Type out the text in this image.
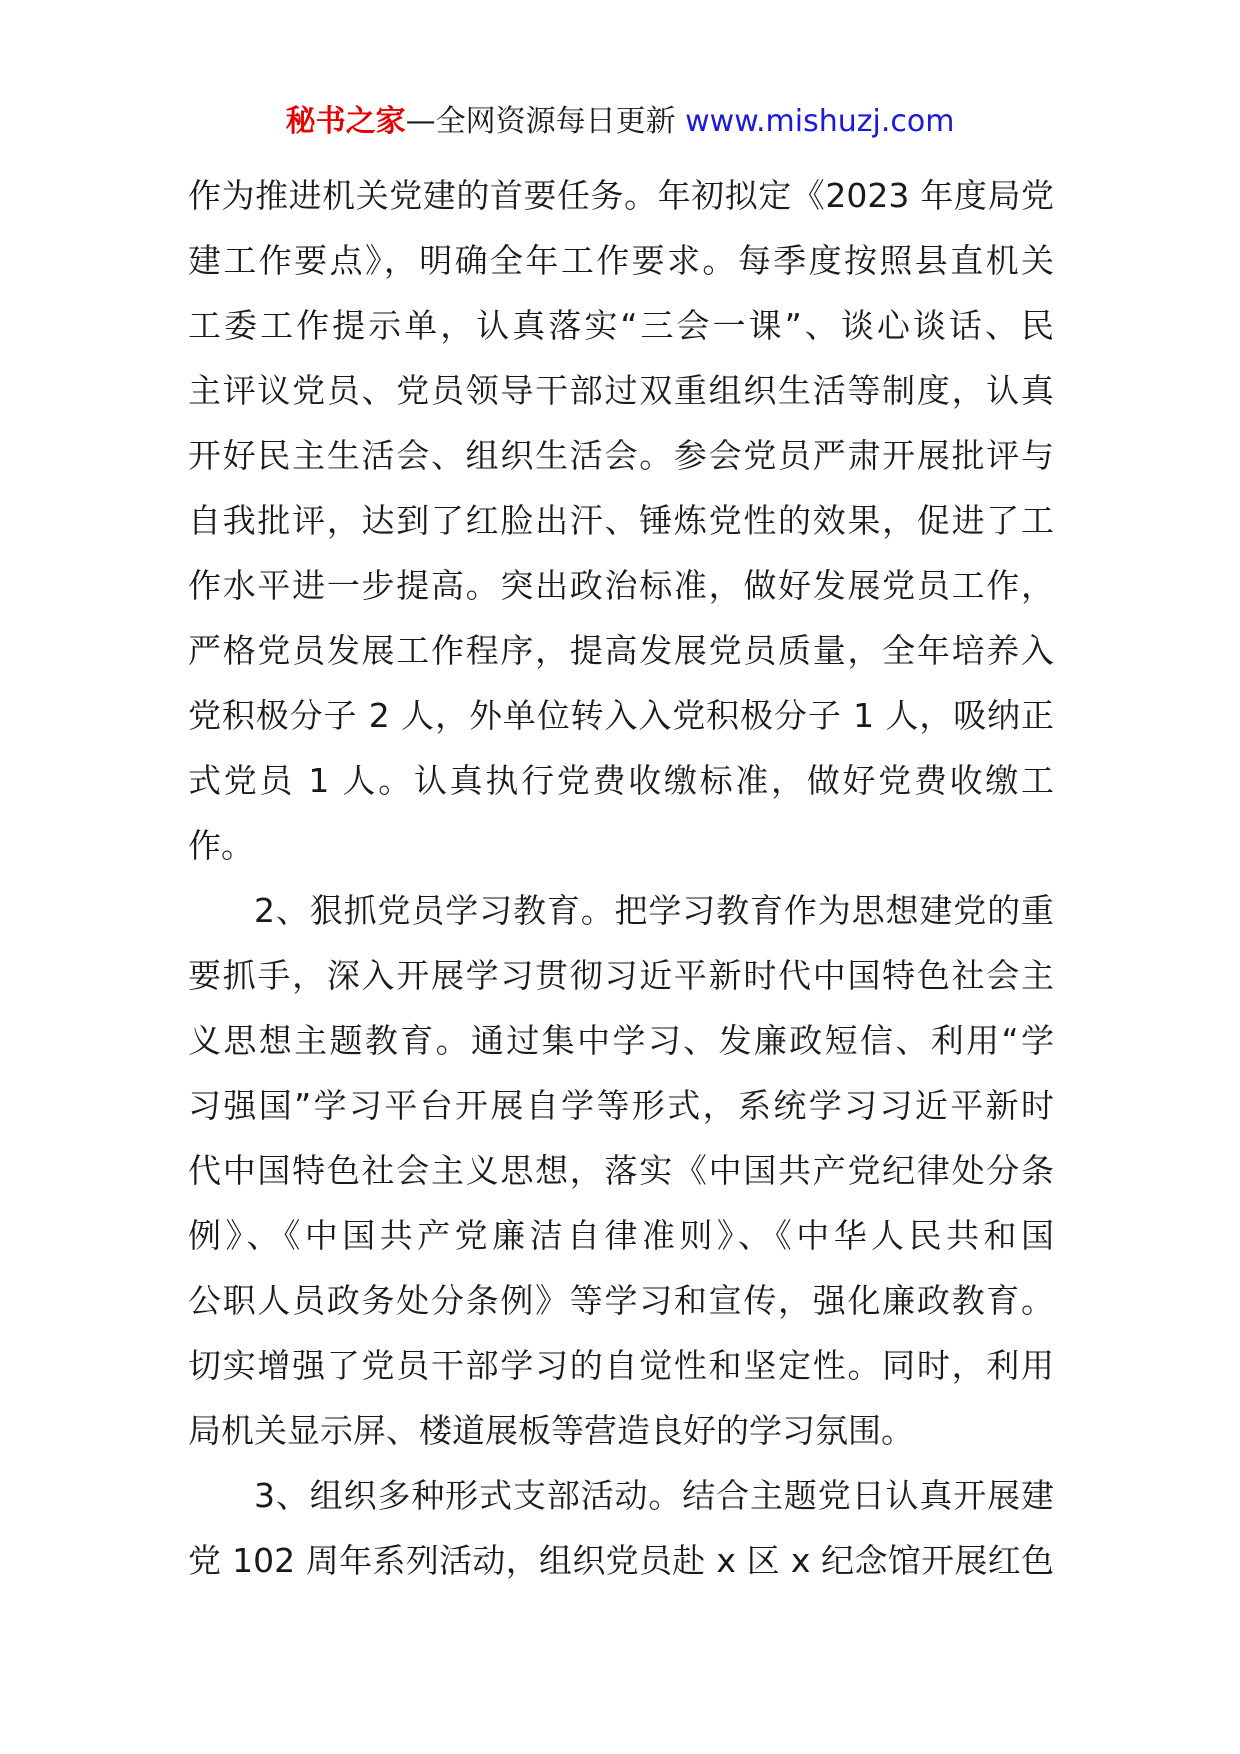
秘书之家—全网资源每日更新 www.mishuzj.com
作为推进机关党建的首要任务。年初拟定《2023 年度局党
建工作要点》，明确全年工作要求。每季度按照县直机关
工委工作提示单，认真落实“三会一课”、谈心谈话、民
主评议党员、党员领导干部过双重组织生活等制度，认真
开好民主生活会、组织生活会。参会党员严肃开展批评与
自我批评，达到了红脸出汗、锤炼党性的效果，促进了工
作水平进一步提高。突出政治标准，做好发展党员工作，
严格党员发展工作程序，提高发展党员质量，全年培养入
党积极分子 2 人，外单位转入入党积极分子 1 人，吸纳正
式党员 1 人。认真执行党费收缴标准，做好党费收缴工
作。
2、狠抓党员学习教育。把学习教育作为思想建党的重
要抓手，深入开展学习贯彻习近平新时代中国特色社会主
义思想主题教育。通过集中学习、发廉政短信、利用“学
习强国”学习平台开展自学等形式，系统学习习近平新时
代中国特色社会主义思想，落实《中国共产党纪律处分条
例》、《中国共产党廉洁自律准则》、《中华人民共和国
公职人员政务处分条例》等学习和宣传，强化廉政教育。
切实增强了党员干部学习的自觉性和坚定性。同时，利用
局机关显示屏、楼道展板等营造良好的学习氛围。
3、组织多种形式支部活动。结合主题党日认真开展建
党 102 周年系列活动，组织党员赴 x 区 x 纪念馆开展红色
